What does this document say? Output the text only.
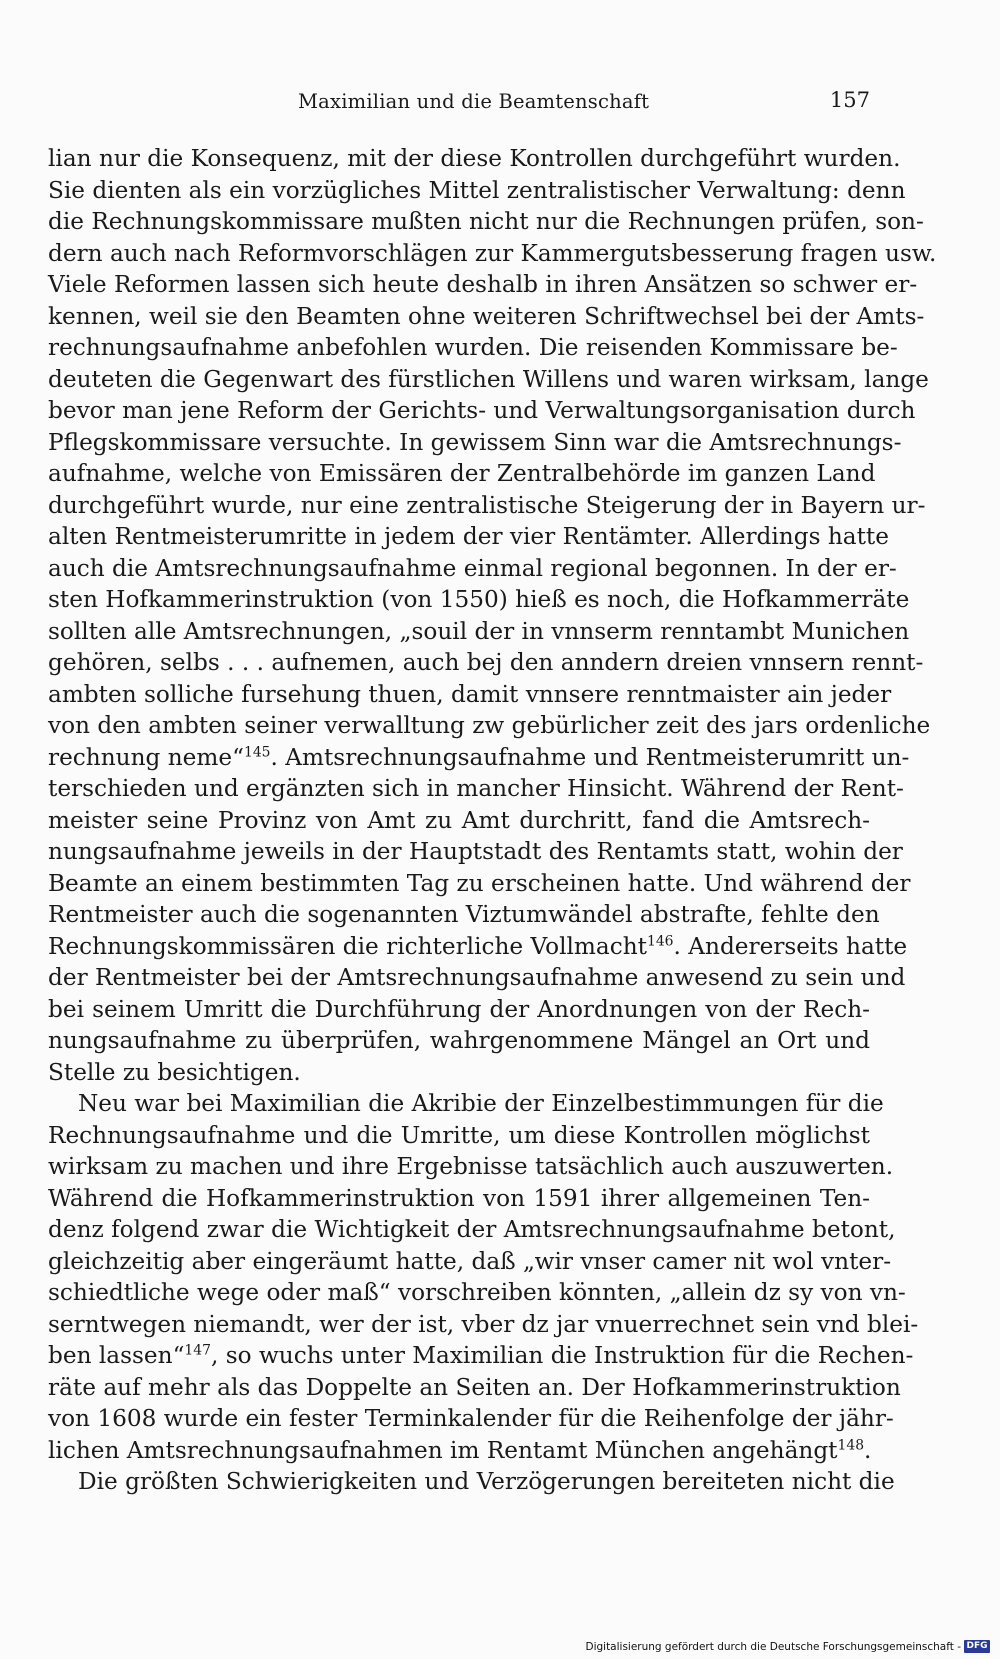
Maximilian und die Beamtenschaft	157
lian nur die Konsequenz, mit der diese Kontrollen durchgeführt wurden.
Sie dienten als ein vorzügliches Mittel zentralistischer Verwaltung: denn
die Rechnungskommissare mußten nicht nur die Rechnungen prüfen, son-
dern auch nach Reformvorschlägen zur Kammergutsbesserung fragen usw.
Viele Reformen lassen sich heute deshalb in ihren Ansätzen so schwer er-
kennen, weil sie den Beamten ohne weiteren Schriftwechsel bei der Amts-
rechnungsaufnahme anbefohlen wurden. Die reisenden Kommissare be-
deuteten die Gegenwart des fürstlichen Willens und waren wirksam, lange
bevor man jene Reform der Gerichts- und Verwaltungsorganisation durch
Pflegskommissare versuchte. In gewissem Sinn war die Amtsrechnungs-
aufnahme, welche von Emissären der Zentralbehörde im ganzen Land
durchgeführt wurde, nur eine zentralistische Steigerung der in Bayern ur-
alten Rentmeisterumritte in jedem der vier Rentämter. Allerdings hatte
auch die Amtsrechnungsaufnahme einmal regional begonnen. In der er-
sten Hofkammerinstruktion (von 1550) hieß es noch, die Hofkammerräte
sollten alle Amtsrechnungen, „souil der in vnnserm renntambt Munichen
gehören, selbs . . . aufnemen, auch bej den anndern dreien vnnsern rennt-
ambten solliche fursehung thuen, damit vnnsere renntmaister ain jeder
von den ambten seiner verwalltung zw gebürlicher zeit des jars ordenliche
rechnung neme“$^{145}$. Amtsrechnungsaufnahme und Rentmeisterumritt un-
terschieden und ergänzten sich in mancher Hinsicht. Während der Rent-
meister seine Provinz von Amt zu Amt durchritt, fand die Amtsrech-
nungsaufnahme jeweils in der Hauptstadt des Rentamts statt, wohin der
Beamte an einem bestimmten Tag zu erscheinen hatte. Und während der
Rentmeister auch die sogenannten Viztumwändel abstrafte, fehlte den
Rechnungskommissären die richterliche Vollmacht$^{146}$. Andererseits hatte
der Rentmeister bei der Amtsrechnungsaufnahme anwesend zu sein und
bei seinem Umritt die Durchführung der Anordnungen von der Rech-
nungsaufnahme zu überprüfen, wahrgenommene Mängel an Ort und
Stelle zu besichtigen.
Neu war bei Maximilian die Akribie der Einzelbestimmungen für die
Rechnungsaufnahme und die Umritte, um diese Kontrollen möglichst
wirksam zu machen und ihre Ergebnisse tatsächlich auch auszuwerten.
Während die Hofkammerinstruktion von 1591 ihrer allgemeinen Ten-
denz folgend zwar die Wichtigkeit der Amtsrechnungsaufnahme betont,
gleichzeitig aber eingeräumt hatte, daß „wir vnser camer nit wol vnter-
schiedtliche wege oder maß“ vorschreiben könnten, „allein dz sy von vn-
serntwegen niemandt, wer der ist, vber dz jar vnuerrechnet sein vnd blei-
ben lassen“$^{147}$, so wuchs unter Maximilian die Instruktion für die Rechen-
räte auf mehr als das Doppelte an Seiten an. Der Hofkammerinstruktion
von 1608 wurde ein fester Terminkalender für die Reihenfolge der jähr-
lichen Amtsrechnungsaufnahmen im Rentamt München angehängt$^{148}$.
Die größten Schwierigkeiten und Verzögerungen bereiteten nicht die
Digitalisierung gefördert durch die Deutsche Forschungsgemeinschaft - DFG
